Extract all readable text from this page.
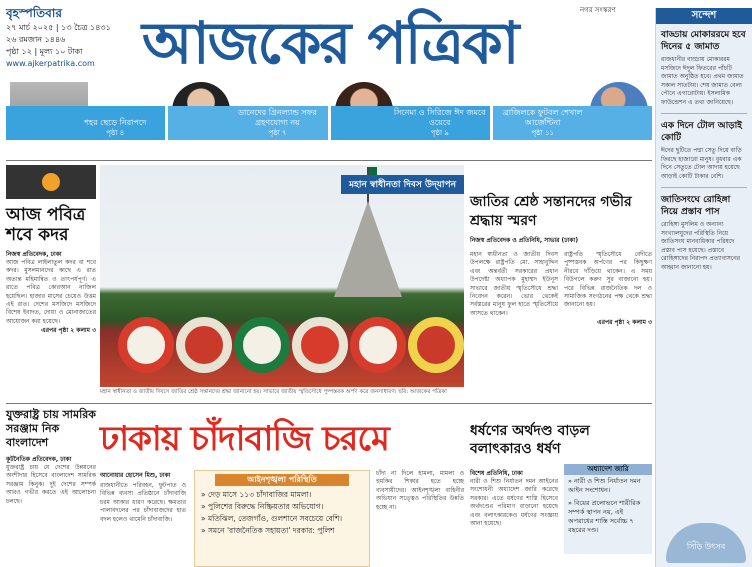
বৃহস্পতিবার
২৭ মার্চ ২০২৫ | ১৩ চৈত্র ১৪৩১
২৬ রমজান ১৪৪৬
পৃষ্ঠা ১২ | মূল্য ১০ টাকা
www.ajkerpatrika.com আজকের পত্রিকা	নগর সংস্করণ	সন্দেশ
বাড্ডায় মোকাররমে হবে দিনের ৫ জামাত
রাজধানীর বাড্ডায় মোকাররম মসজিদে ঈদুল ফিতরের পাঁচটি জামাত অনুষ্ঠিত হবে। প্রথম জামাত সকাল সাতটায়। শেষ জামাত বেলা পৌনে এগারোটায়। ইসলামিক ফাউন্ডেশন এ তথ্য জানিয়েছে।
এক দিনে টোল আড়াই কোটি
ঈদের ছুটিতে পদ্মা সেতু দিয়ে বাড়ি ফিরছে হাজারো মানুষ। বুধবার এক দিনে সেতুতে টোল আদায় হয়েছে আড়াই কোটি টাকার বেশি।
জাতিসংঘে রোহিঙ্গা নিয়ে প্রস্তাব পাস
রোহিঙ্গা মুসলিম ও অন্যান্য সংখ্যালঘুদের পরিস্থিতি নিয়ে জাতিসংঘ মানবাধিকার পরিষদে প্রস্তাব পাস হয়েছে। প্রস্তাবে রোহিঙ্গাদের নিরাপদ প্রত্যাবাসনের আহ্বান জানানো হয়।
সিঁড়ি উৎসব
শহর ছেড়ে নিরাপদে
পৃষ্ঠা ৪
ডানেদের গ্রিনল্যান্ড সফর গ্রহণযোগ্য নয়
পৃষ্ঠা ৭
সিনেমা ও সিরিজে ঈদ জমবে ওয়েবে
পৃষ্ঠা ৯
ব্রাজিলকে ফুটবল শেখাল আর্জেন্টিনা
পৃষ্ঠা ১১
আজ পবিত্র শবে কদর
নিজস্ব প্রতিবেদক, ঢাকা
আজ পবিত্র লাইলাতুল কদর বা শবে কদর। মুসলমানদের কাছে এ রাত অত্যন্ত মহিমান্বিত ও তাৎপর্যপূর্ণ। এ রাতে পবিত্র কোরআন নাজিল হয়েছিল। হাজার মাসের চেয়েও উত্তম এই রাত। দেশের মসজিদে মসজিদে বিশেষ ইবাদত, দোয়া ও মোনাজাতের আয়োজন করা হয়েছে।
এরপর পৃষ্ঠা ২ কলাম ৩
মহান স্বাধীনতা দিবস উদ্‌যাপন
মহান স্বাধীনতা ও জাতীয় দিবসে জাতির শ্রেষ্ঠ সন্তানদের শ্রদ্ধা জানানো হয়। সাভারে জাতীয় স্মৃতিসৌধে পুষ্পস্তবক অর্পণ করে জনসাধারণ। ছবি: আজকের পত্রিকা
জাতির শ্রেষ্ঠ সন্তানদের গভীর শ্রদ্ধায় স্মরণ
নিজস্ব প্রতিবেদক ও প্রতিনিধি, সাভার (ঢাকা)
মহান স্বাধীনতা ও জাতীয় দিবস উপলক্ষে রাষ্ট্রপতি মো. সাহাবুদ্দিন এবং অন্তর্বর্তী সরকারের প্রধান উপদেষ্টা অধ্যাপক মুহাম্মদ ইউনূস সাভারে জাতীয় স্মৃতিসৌধে শ্রদ্ধা নিবেদন করেন। ভোর থেকেই সর্বস্তরের মানুষ ফুল হাতে স্মৃতিসৌধে আসতে থাকেন।
রাষ্ট্রপতি স্মৃতিসৌধে বেদীতে পুষ্পস্তবক অর্পণের পর কিছুক্ষণ নীরবে দাঁড়িয়ে থাকেন। এ সময় বিউগলে করুণ সুর বাজানো হয়। পরে বিভিন্ন রাজনৈতিক দল ও সামাজিক সংগঠনের পক্ষ থেকে শ্রদ্ধা জানানো হয়।
এরপর পৃষ্ঠা ২ কলাম ৩
যুক্তরাষ্ট্র চায় সামরিক সরঞ্জাম নিক বাংলাদেশ
কূটনৈতিক প্রতিবেদক, ঢাকা
যুক্তরাষ্ট্র চায় যে দেশের উন্নয়নের অংশীদার হিসেবে বাংলাদেশ সামরিক সরঞ্জাম কিনুক। দুই দেশের সম্পর্ক আরও গভীর করতে এই আলোচনা চলছে।
ঢাকায় চাঁদাবাজি চরমে
আনোয়ার হোসেন মিশু, ঢাকা
রাজধানীতে পরিবহন, ফুটপাত ও বিভিন্ন ব্যবসা প্রতিষ্ঠানে চাঁদাবাজি চরম আকার ধারণ করেছে। ক্ষমতার পালাবদলের পর চাঁদাবাজদের হাত বদল হলেও থামেনি চাঁদাবাজি।
আইনশৃঙ্খলা পরিস্থিতি
» দেড় মাসে ১১৩ চাঁদাবাজির মামলা।
» পুলিশের বিরুদ্ধে নিষ্ক্রিয়তার অভিযোগ।
» মতিঝিল, তেজগাঁও, গুলশানে সবচেয়ে বেশি।
» সমনে 'রাজনৈতিক সহায়তা' দরকার: পুলিশ
চাঁদা না দিলে হামলা, মামলা ও হুমকির শিকার হতে হচ্ছে ব্যবসায়ীদের। আইনশৃঙ্খলা বাহিনীর অভিযান সত্ত্বেও পরিস্থিতির উন্নতি হচ্ছে না।
ধর্ষণের অর্থদণ্ড বাড়ল বলাৎকারও ধর্ষণ
বিশেষ প্রতিনিধি, ঢাকা
নারী ও শিশু নির্যাতন দমন আইনের সংশোধনী অধ্যাদেশ জারি করেছে সরকার। এতে ধর্ষণের শাস্তি হিসেবে অর্থদণ্ডের পরিমাণ বাড়ানো হয়েছে এবং বলাৎকারকেও ধর্ষণের সংজ্ঞায় আনা হয়েছে।
অধ্যাদেশ জারি
» নারী ও শিশু নির্যাতন দমন আইন সংশোধন।
» বিয়ের প্রলোভনে শারীরিক সম্পর্ক স্থাপন নয়, এই অপরাধের শাস্তি সর্বোচ্চ ৭ বছরের দণ্ড।
